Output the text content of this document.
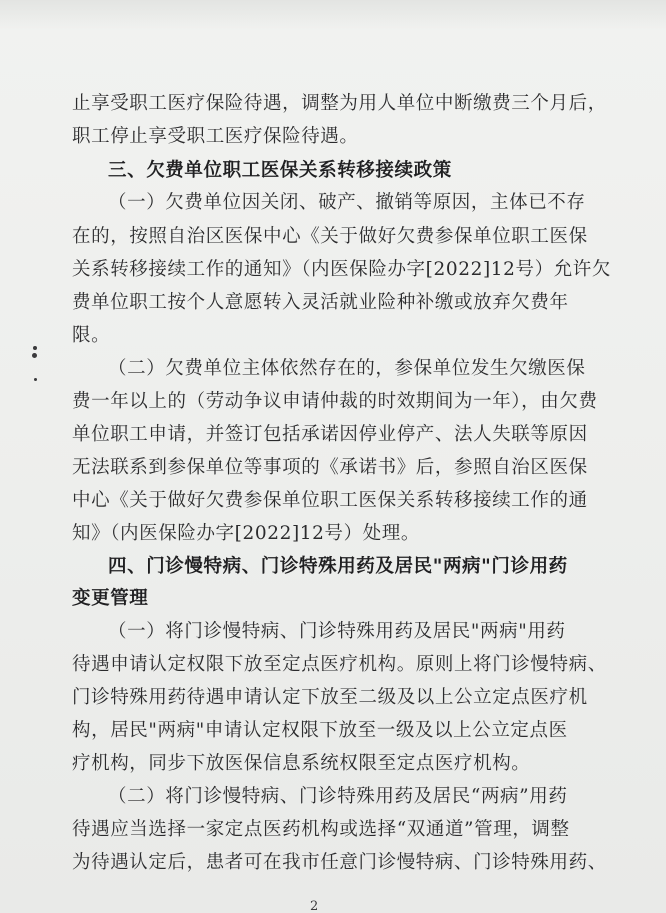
止享受职工医疗保险待遇，调整为用人单位中断缴费三个月后，
职工停止享受职工医疗保险待遇。
三、欠费单位职工医保关系转移接续政策
（一）欠费单位因关闭、破产、撤销等原因，主体已不存
在的，按照自治区医保中心《关于做好欠费参保单位职工医保
关系转移接续工作的通知》（内医保险办字[2022]12号）允许欠
费单位职工按个人意愿转入灵活就业险种补缴或放弃欠费年
限。
（二）欠费单位主体依然存在的，参保单位发生欠缴医保
费一年以上的（劳动争议申请仲裁的时效期间为一年），由欠费
单位职工申请，并签订包括承诺因停业停产、法人失联等原因
无法联系到参保单位等事项的《承诺书》后，参照自治区医保
中心《关于做好欠费参保单位职工医保关系转移接续工作的通
知》（内医保险办字[2022]12号）处理。
四、门诊慢特病、门诊特殊用药及居民"两病"门诊用药
变更管理
（一）将门诊慢特病、门诊特殊用药及居民"两病"用药
待遇申请认定权限下放至定点医疗机构。原则上将门诊慢特病、
门诊特殊用药待遇申请认定下放至二级及以上公立定点医疗机
构，居民"两病"申请认定权限下放至一级及以上公立定点医
疗机构，同步下放医保信息系统权限至定点医疗机构。
（二）将门诊慢特病、门诊特殊用药及居民“两病”用药
待遇应当选择一家定点医药机构或选择“双通道”管理，调整
为待遇认定后，患者可在我市任意门诊慢特病、门诊特殊用药、
2
